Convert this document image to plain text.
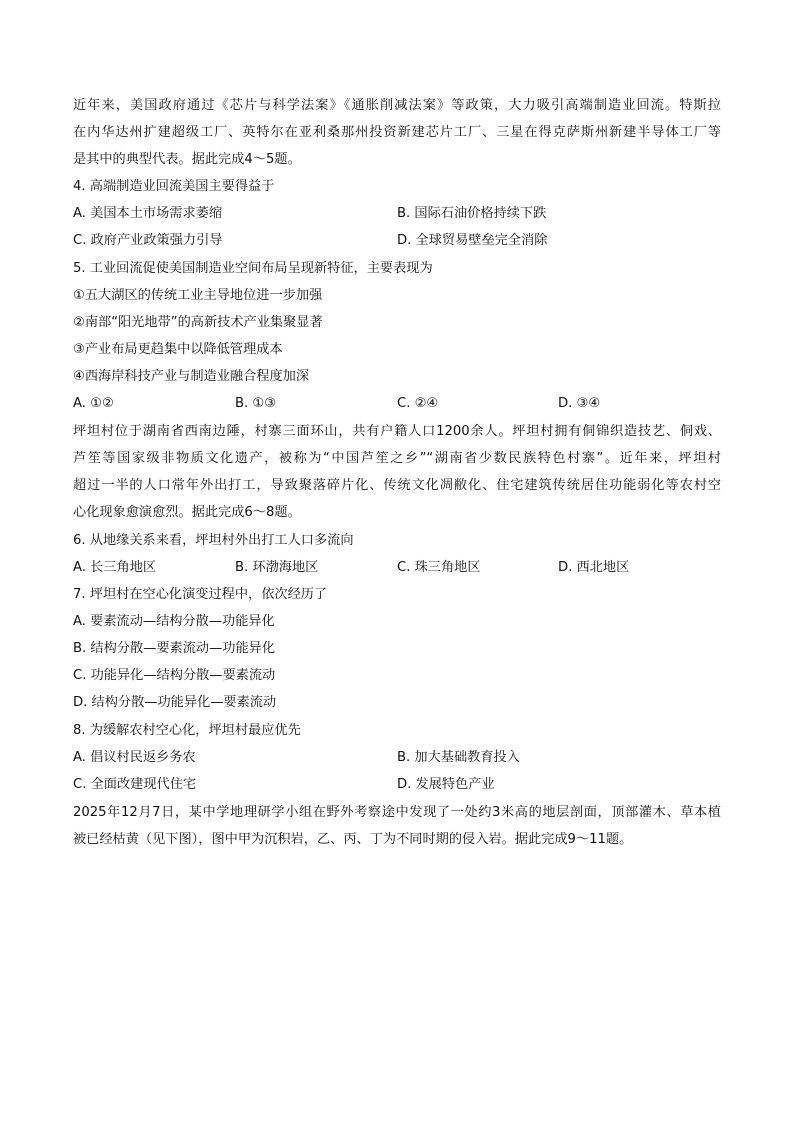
近年来，美国政府通过《芯片与科学法案》《通胀削减法案》等政策，大力吸引高端制造业回流。特斯拉
在内华达州扩建超级工厂、英特尔在亚利桑那州投资新建芯片工厂、三星在得克萨斯州新建半导体工厂等
是其中的典型代表。据此完成4～5题。
4. 高端制造业回流美国主要得益于
A. 美国本土市场需求萎缩	B. 国际石油价格持续下跌
C. 政府产业政策强力引导	D. 全球贸易壁垒完全消除
5. 工业回流促使美国制造业空间布局呈现新特征，主要表现为
①五大湖区的传统工业主导地位进一步加强
②南部“阳光地带”的高新技术产业集聚显著
③产业布局更趋集中以降低管理成本
④西海岸科技产业与制造业融合程度加深
A. ①②	B. ①③	C. ②④	D. ③④
坪坦村位于湖南省西南边陲，村寨三面环山，共有户籍人口1200余人。坪坦村拥有侗锦织造技艺、侗戏、
芦笙等国家级非物质文化遗产，被称为“中国芦笙之乡”“湖南省少数民族特色村寨”。近年来，坪坦村
超过一半的人口常年外出打工，导致聚落碎片化、传统文化凋敝化、住宅建筑传统居住功能弱化等农村空
心化现象愈演愈烈。据此完成6～8题。
6. 从地缘关系来看，坪坦村外出打工人口多流向
A. 长三角地区	B. 环渤海地区	C. 珠三角地区	D. 西北地区
7. 坪坦村在空心化演变过程中，依次经历了
A. 要素流动—结构分散—功能异化
B. 结构分散—要素流动—功能异化
C. 功能异化—结构分散—要素流动
D. 结构分散—功能异化—要素流动
8. 为缓解农村空心化，坪坦村最应优先
A. 倡议村民返乡务农	B. 加大基础教育投入
C. 全面改建现代住宅	D. 发展特色产业
2025年12月7日，某中学地理研学小组在野外考察途中发现了一处约3米高的地层剖面，顶部灌木、草本植
被已经枯黄（见下图），图中甲为沉积岩，乙、丙、丁为不同时期的侵入岩。据此完成9～11题。
